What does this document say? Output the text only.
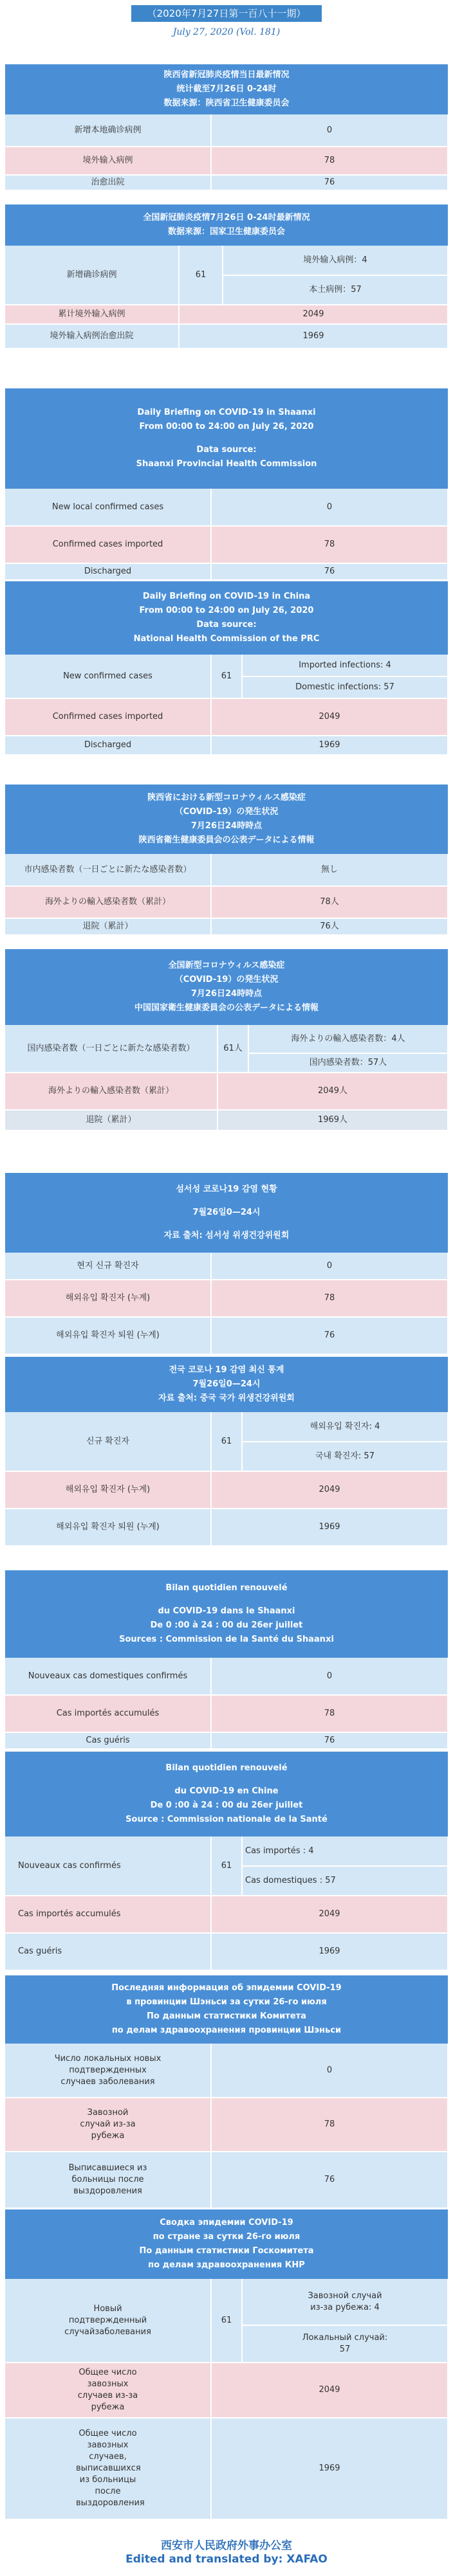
（2020年7月27日第一百八十一期）
July 27, 2020 (Vol. 181)
陕西省新冠肺炎疫情当日最新情况
统计截至7月26日 0-24时
数据来源：陕西省卫生健康委员会
新增本地确诊病例	0
境外输入病例	78
治愈出院	76
全国新冠肺炎疫情7月26日 0-24时最新情况
数据来源：国家卫生健康委员会
新增确诊病例	61	境外输入病例：4
		本土病例：57
累计境外输入病例	2049	
境外输入病例治愈出院	1969	
Daily Briefing on COVID-19 in Shaanxi
From 00:00 to 24:00 on July 26, 2020
Data source:
Shaanxi Provincial Health Commission
New local confirmed cases	0
Confirmed cases imported	78
Discharged	76
Daily Briefing on COVID-19 in China
From 00:00 to 24:00 on July 26, 2020
Data source:
National Health Commission of the PRC
New confirmed cases	61	Imported infections: 4
		Domestic infections: 57
Confirmed cases imported	2049	
Discharged	1969	
陝西省における新型コロナウィルス感染症
（COVID-19）の発生状況
7月26日24時時点
陝西省衛生健康委員会の公表データによる情報
市内感染者数（一日ごとに新たな感染者数）	無し
海外よりの輸入感染者数（累計）	78人
退院（累計）	76人
全国新型コロナウィルス感染症
（COVID-19）の発生状況
7月26日24時時点
中国国家衛生健康委員会の公表データによる情報
国内感染者数（一日ごとに新たな感染者数）	61人	海外よりの輸入感染者数：4人
		国内感染者数：57人
海外よりの輸入感染者数（累計）	2049人	
退院（累計）	1969人	
섬서성 코로나19 감염 현황
7월26일0—24시
자료 출처: 섬서성 위생건강위원회
현지 신규 확진자	0
해외유입 확진자 (누계)	78
해외유입 확진자 퇴원 (누계)	76
전국 코로나 19 감염 최신 통계
7월26일0—24시
자료 출처: 중국 국가 위생건강위원회
신규 확진자	61	해외유입 확진자: 4
		국내 확진자: 57
해외유입 확진자 (누계)	2049	
해외유입 확진자 퇴원 (누계)	1969	
Bilan quotidien renouvelé
du COVID-19 dans le Shaanxi
De 0 :00 à 24 : 00 du 26er juillet
Sources : Commission de la Santé du Shaanxi
Nouveaux cas domestiques confirmés	0
Cas importés accumulés	78
Cas guéris	76
Bilan quotidien renouvelé
du COVID-19 en Chine
De 0 :00 à 24 : 00 du 26er juillet
Source : Commission nationale de la Santé
Nouveaux cas confirmés	61	Cas importés : 4
		Cas domestiques : 57
Cas importés accumulés	2049	
Cas guéris	1969	
Последняя информация об эпидемии COVID-19
в провинции Шэньси за сутки 26-го июля
По данным статистики Комитета
по делам здравоохранения провинции Шэньси
Число локальных новых подтвержденных случаев заболевания	0
Завозной случай из-за рубежа	78
Выписавшиеся из больницы после выздоровления	76
Сводка эпидемии COVID-19
по стране за сутки 26-го июля
По данным статистики Госкомитета
по делам здравоохранения КНР
Новый подтвержденный случайзаболевания	61	Завозной случай из-за рубежа: 4
		Локальный случай: 57
Общее число завозных случаев из-за рубежа	2049	
Общее число завозных случаев, выписавшихся из больницы после выздоровления	1969	
西安市人民政府外事办公室
Edited and translated by: XAFAO
